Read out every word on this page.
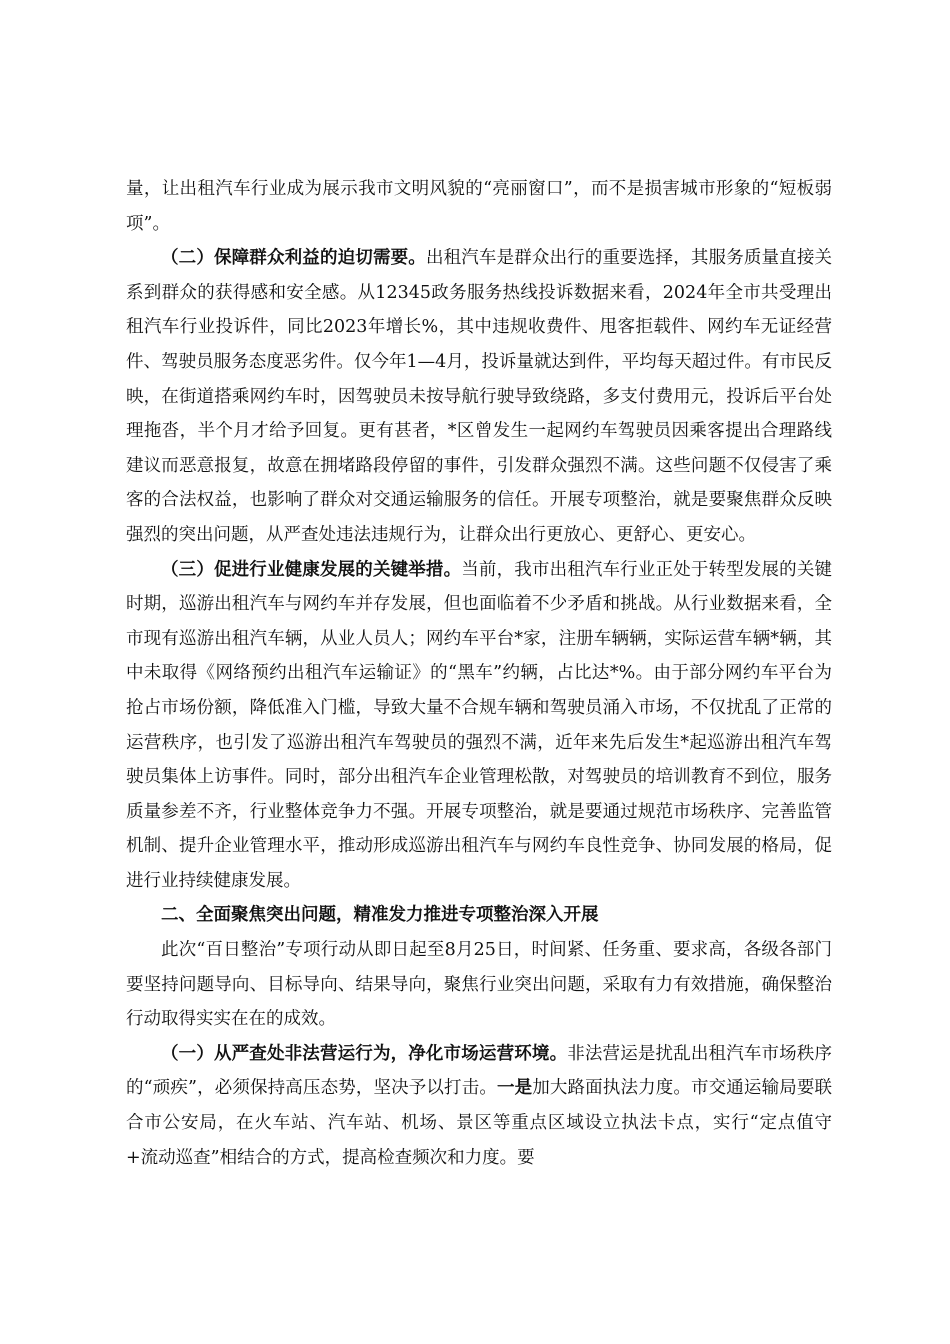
量，让出租汽车行业成为展示我市文明风貌的“亮丽窗口”，而不是损害城市形象的“短板弱项”。

（二）保障群众利益的迫切需要。出租汽车是群众出行的重要选择，其服务质量直接关系到群众的获得感和安全感。从12345政务服务热线投诉数据来看，2024年全市共受理出租汽车行业投诉件，同比2023年增长%，其中违规收费件、甩客拒载件、网约车无证经营件、驾驶员服务态度恶劣件。仅今年1—4月，投诉量就达到件，平均每天超过件。有市民反映，在街道搭乘网约车时，因驾驶员未按导航行驶导致绕路，多支付费用元，投诉后平台处理拖沓，半个月才给予回复。更有甚者，*区曾发生一起网约车驾驶员因乘客提出合理路线建议而恶意报复，故意在拥堵路段停留的事件，引发群众强烈不满。这些问题不仅侵害了乘客的合法权益，也影响了群众对交通运输服务的信任。开展专项整治，就是要聚焦群众反映强烈的突出问题，从严查处违法违规行为，让群众出行更放心、更舒心、更安心。

（三）促进行业健康发展的关键举措。当前，我市出租汽车行业正处于转型发展的关键时期，巡游出租汽车与网约车并存发展，但也面临着不少矛盾和挑战。从行业数据来看，全市现有巡游出租汽车辆，从业人员人；网约车平台*家，注册车辆辆，实际运营车辆*辆，其中未取得《网络预约出租汽车运输证》的“黑车”约辆，占比达*%。由于部分网约车平台为抢占市场份额，降低准入门槛，导致大量不合规车辆和驾驶员涌入市场，不仅扰乱了正常的运营秩序，也引发了巡游出租汽车驾驶员的强烈不满，近年来先后发生*起巡游出租汽车驾驶员集体上访事件。同时，部分出租汽车企业管理松散，对驾驶员的培训教育不到位，服务质量参差不齐，行业整体竞争力不强。开展专项整治，就是要通过规范市场秩序、完善监管机制、提升企业管理水平，推动形成巡游出租汽车与网约车良性竞争、协同发展的格局，促进行业持续健康发展。

二、全面聚焦突出问题，精准发力推进专项整治深入开展

此次“百日整治”专项行动从即日起至8月25日，时间紧、任务重、要求高，各级各部门要坚持问题导向、目标导向、结果导向，聚焦行业突出问题，采取有力有效措施，确保整治行动取得实实在在的成效。

（一）从严查处非法营运行为，净化市场运营环境。非法营运是扰乱出租汽车市场秩序的“顽疾”，必须保持高压态势，坚决予以打击。一是加大路面执法力度。市交通运输局要联合市公安局，在火车站、汽车站、机场、景区等重点区域设立执法卡点，实行“定点值守+流动巡查”相结合的方式，提高检查频次和力度。要
